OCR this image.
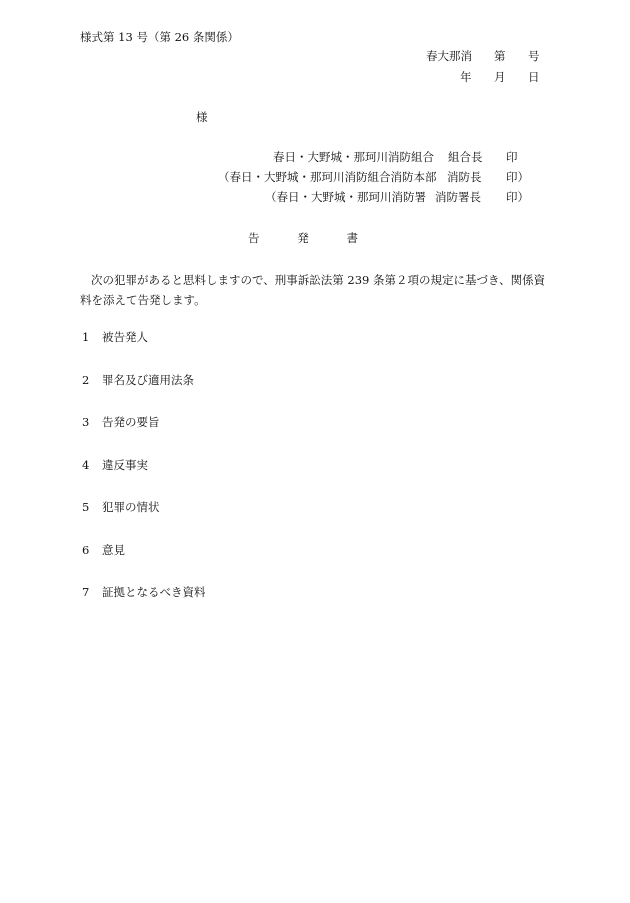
様式第 13 号（第 26 条関係）
春大那消 第 号
年 月 日
様
春日・大野城・那珂川消防組合 組合長 印
（春日・大野城・那珂川消防組合消防本部 消防長 印）
（春日・大野城・那珂川消防署 消防署長 印）
告	発	書
次の犯罪があると思料しますので、刑事訴訟法第 239 条第２項の規定に基づき、関係資料を添えて告発します。
1	被告発人
2	罪名及び適用法条
3	告発の要旨
4	違反事実
5	犯罪の情状
6	意見
7	証拠となるべき資料
